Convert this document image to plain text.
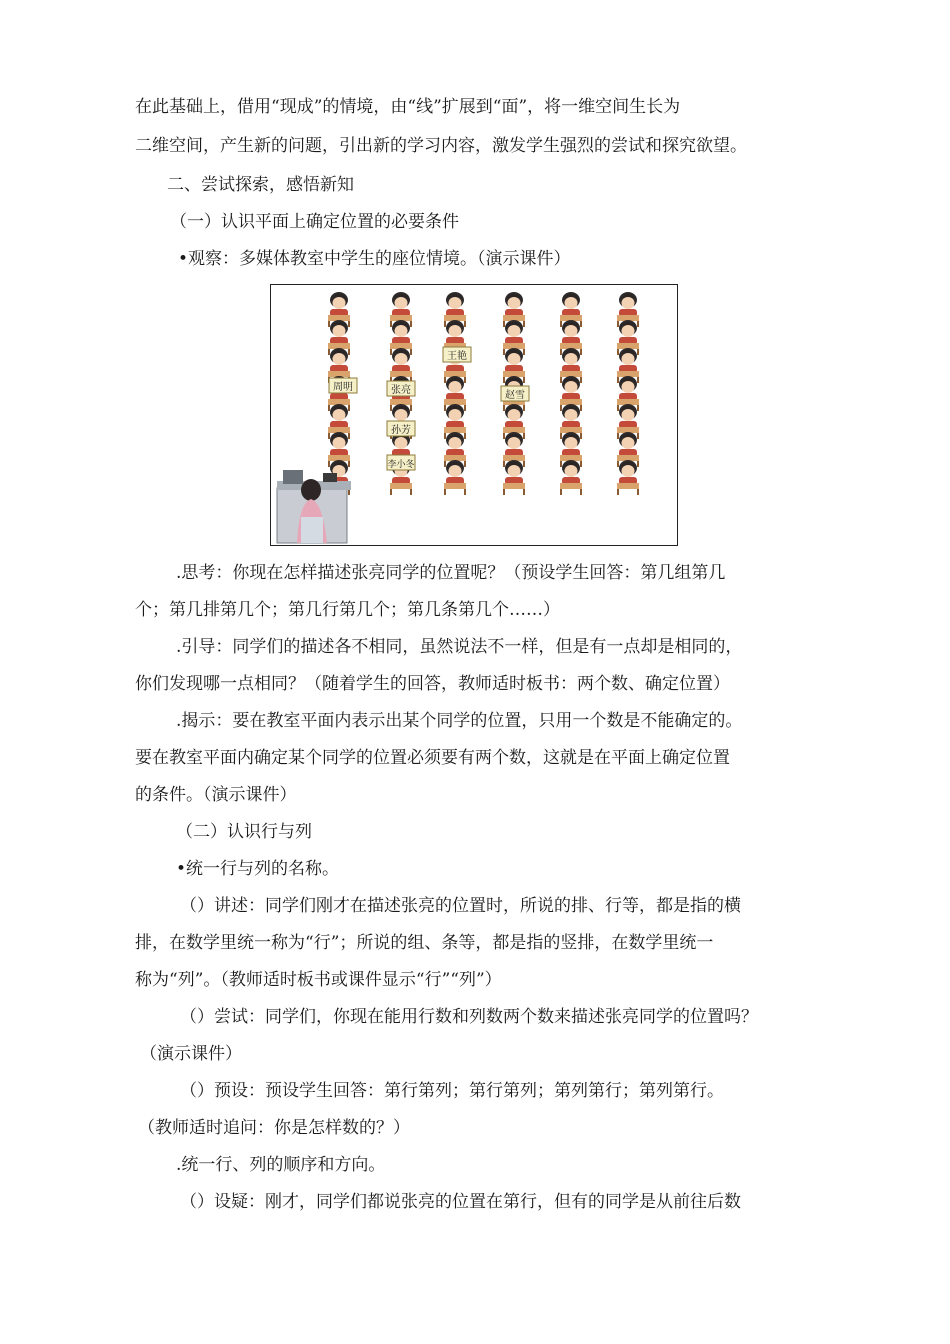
在此基础上，借用“现成”的情境，由“线”扩展到“面”，将一维空间生长为
二维空间，产生新的问题，引出新的学习内容，激发学生强烈的尝试和探究欲望。
二、尝试探索，感悟新知
（一）认识平面上确定位置的必要条件
•观察：多媒体教室中学生的座位情境。（演示课件）
王艳
周明	张亮	赵雪
孙芳
李小冬
.思考：你现在怎样描述张亮同学的位置呢？（预设学生回答：第几组第几
个；第几排第几个；第几行第几个；第几条第几个……）
.引导：同学们的描述各不相同，虽然说法不一样，但是有一点却是相同的，
你们发现哪一点相同？（随着学生的回答，教师适时板书：两个数、确定位置）
.揭示：要在教室平面内表示出某个同学的位置，只用一个数是不能确定的。
要在教室平面内确定某个同学的位置必须要有两个数，这就是在平面上确定位置
的条件。（演示课件）
（二）认识行与列
•统一行与列的名称。
（）讲述：同学们刚才在描述张亮的位置时，所说的排、行等，都是指的横
排，在数学里统一称为“行”；所说的组、条等，都是指的竖排，在数学里统一
称为“列”。（教师适时板书或课件显示“行”“列”）
（）尝试：同学们，你现在能用行数和列数两个数来描述张亮同学的位置吗？
（演示课件）
（）预设：预设学生回答：第行第列；第行第列；第列第行；第列第行。
（教师适时追问：你是怎样数的？）
.统一行、列的顺序和方向。
（）设疑：刚才，同学们都说张亮的位置在第行，但有的同学是从前往后数
